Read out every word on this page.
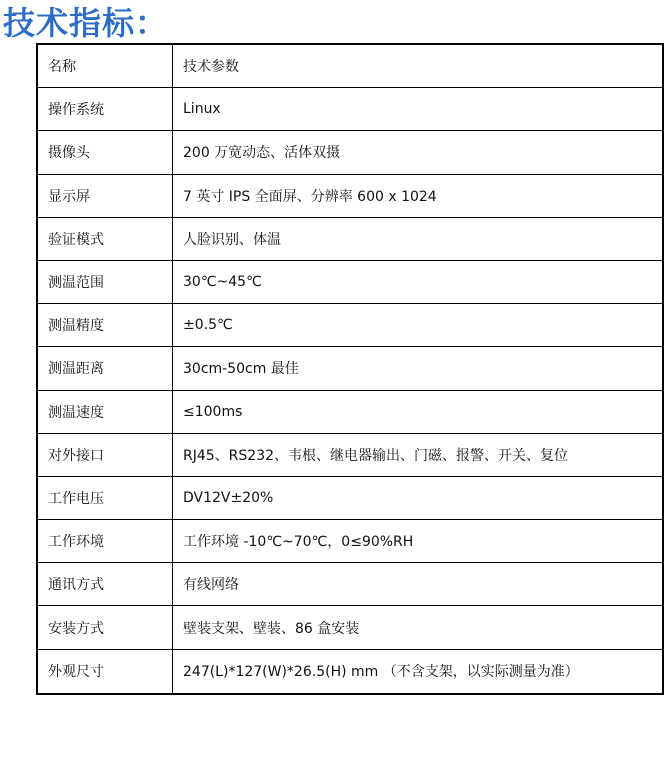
技术指标：
名称	技术参数
操作系统	Linux
摄像头	200 万宽动态、活体双摄
显示屏	7 英寸 IPS 全面屏、分辨率 600 x 1024
验证模式	人脸识别、体温
测温范围	30℃~45℃
测温精度	±0.5℃
测温距离	30cm-50cm 最佳
测温速度	≤100ms
对外接口	RJ45、RS232、韦根、继电器输出、门磁、报警、开关、复位
工作电压	DV12V±20%
工作环境	工作环境 -10℃~70℃，0≤90%RH
通讯方式	有线网络
安装方式	壁装支架、壁装、86 盒安装
外观尺寸	247(L)*127(W)*26.5(H) mm （不含支架，以实际测量为准）
